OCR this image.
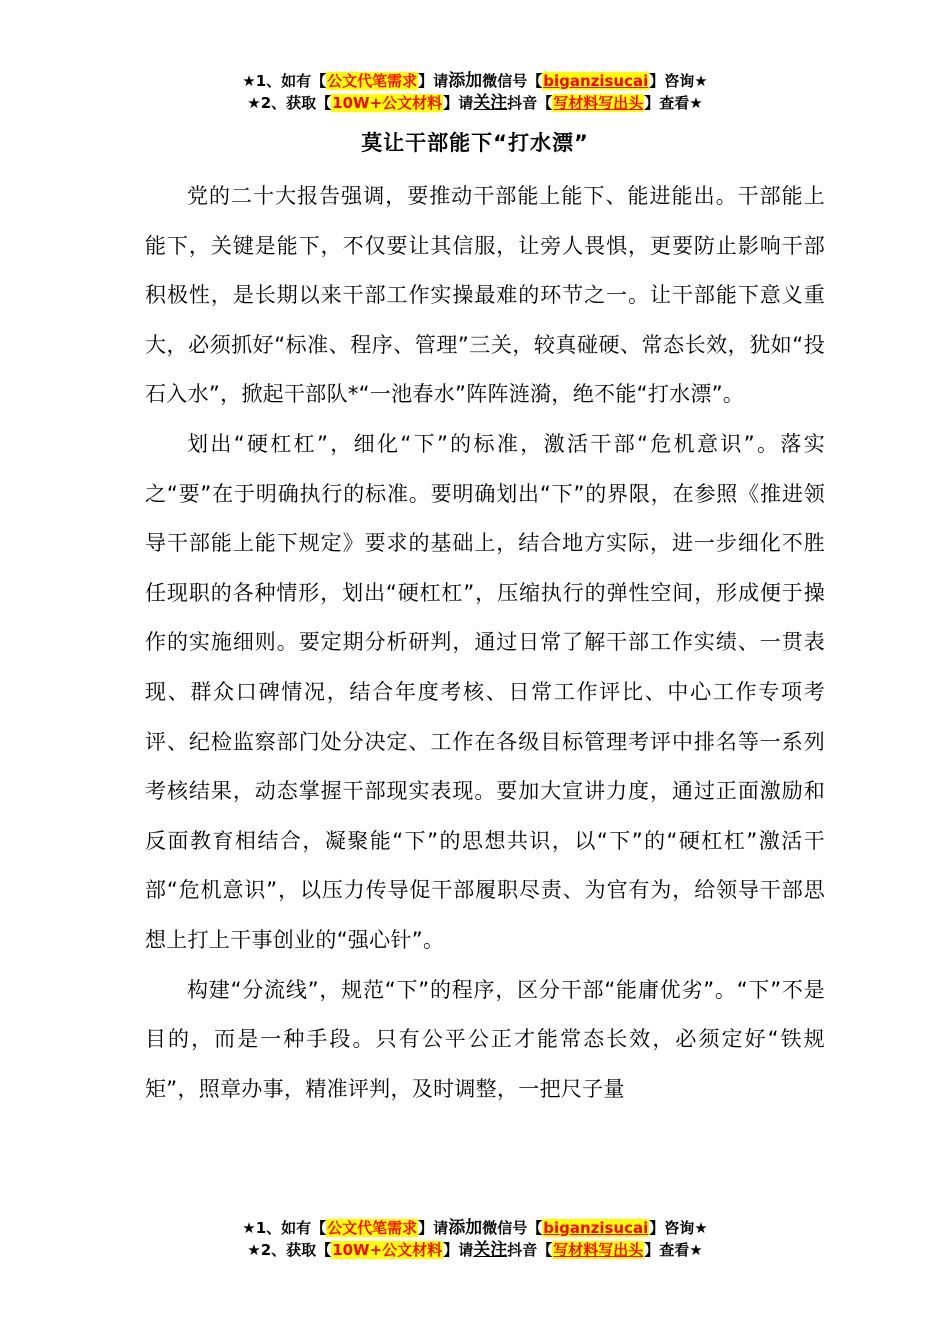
★1、如有【公文代笔需求】请添加微信号【biganzisucai】咨询★
★2、获取【10W+公文材料】请关注抖音【写材料写出头】查看★
莫让干部能下“打水漂”

党的二十大报告强调，要推动干部能上能下、能进能出。干部能上能下，关键是能下，不仅要让其信服，让旁人畏惧，更要防止影响干部积极性，是长期以来干部工作实操最难的环节之一。让干部能下意义重大，必须抓好“标准、程序、管理”三关，较真碰硬、常态长效，犹如“投石入水”，掀起干部队*“一池春水”阵阵涟漪，绝不能“打水漂”。

划出“硬杠杠”，细化“下”的标准，激活干部“危机意识”。落实之“要”在于明确执行的标准。要明确划出“下”的界限，在参照《推进领导干部能上能下规定》要求的基础上，结合地方实际，进一步细化不胜任现职的各种情形，划出“硬杠杠”，压缩执行的弹性空间，形成便于操作的实施细则。要定期分析研判，通过日常了解干部工作实绩、一贯表现、群众口碑情况，结合年度考核、日常工作评比、中心工作专项考评、纪检监察部门处分决定、工作在各级目标管理考评中排名等一系列考核结果，动态掌握干部现实表现。要加大宣讲力度，通过正面激励和反面教育相结合，凝聚能“下”的思想共识，以“下”的“硬杠杠”激活干部“危机意识”，以压力传导促干部履职尽责、为官有为，给领导干部思想上打上干事创业的“强心针”。

构建“分流线”，规范“下”的程序，区分干部“能庸优劣”。“下”不是目的，而是一种手段。只有公平公正才能常态长效，必须定好“铁规矩”，照章办事，精准评判，及时调整，一把尺子量

★1、如有【公文代笔需求】请添加微信号【biganzisucai】咨询★
★2、获取【10W+公文材料】请关注抖音【写材料写出头】查看★
